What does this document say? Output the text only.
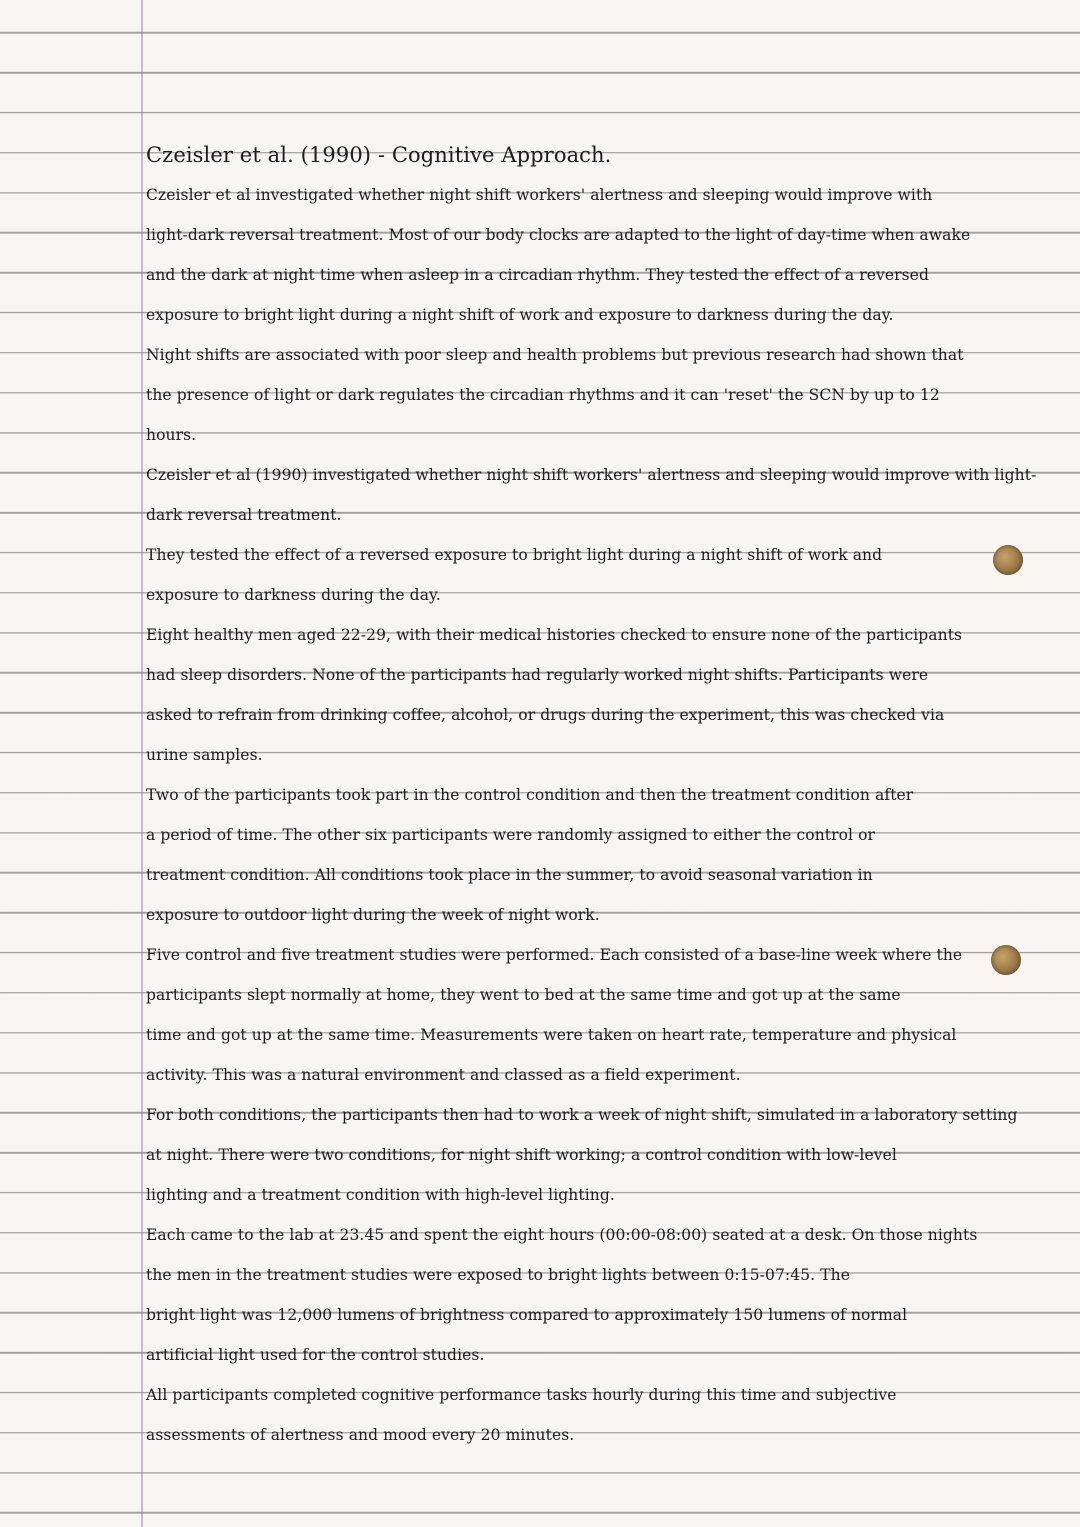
Czeisler et al. (1990) - Cognitive Approach.
Czeisler et al investigated whether night shift workers' alertness and sleeping would improve with
light-dark reversal treatment. Most of our body clocks are adapted to the light of day-time when awake
and the dark at night time when asleep in a circadian rhythm. They tested the effect of a reversed
exposure to bright light during a night shift of work and exposure to darkness during the day.
Night shifts are associated with poor sleep and health problems but previous research had shown that
the presence of light or dark regulates the circadian rhythms and it can 'reset' the SCN by up to 12
hours.
Czeisler et al (1990) investigated whether night shift workers' alertness and sleeping would improve with light-
dark reversal treatment.
They tested the effect of a reversed exposure to bright light during a night shift of work and
exposure to darkness during the day.
Eight healthy men aged 22-29, with their medical histories checked to ensure none of the participants
had sleep disorders. None of the participants had regularly worked night shifts. Participants were
asked to refrain from drinking coffee, alcohol, or drugs during the experiment, this was checked via
urine samples.
Two of the participants took part in the control condition and then the treatment condition after
a period of time. The other six participants were randomly assigned to either the control or
treatment condition. All conditions took place in the summer, to avoid seasonal variation in
exposure to outdoor light during the week of night work.
Five control and five treatment studies were performed. Each consisted of a base-line week where the
participants slept normally at home, they went to bed at the same time and got up at the same
time and got up at the same time. Measurements were taken on heart rate, temperature and physical
activity. This was a natural environment and classed as a field experiment.
For both conditions, the participants then had to work a week of night shift, simulated in a laboratory setting
at night. There were two conditions, for night shift working; a control condition with low-level
lighting and a treatment condition with high-level lighting.
Each came to the lab at 23.45 and spent the eight hours (00:00-08:00) seated at a desk. On those nights
the men in the treatment studies were exposed to bright lights between 0:15-07:45. The
bright light was 12,000 lumens of brightness compared to approximately 150 lumens of normal
artificial light used for the control studies.
All participants completed cognitive performance tasks hourly during this time and subjective
assessments of alertness and mood every 20 minutes.
